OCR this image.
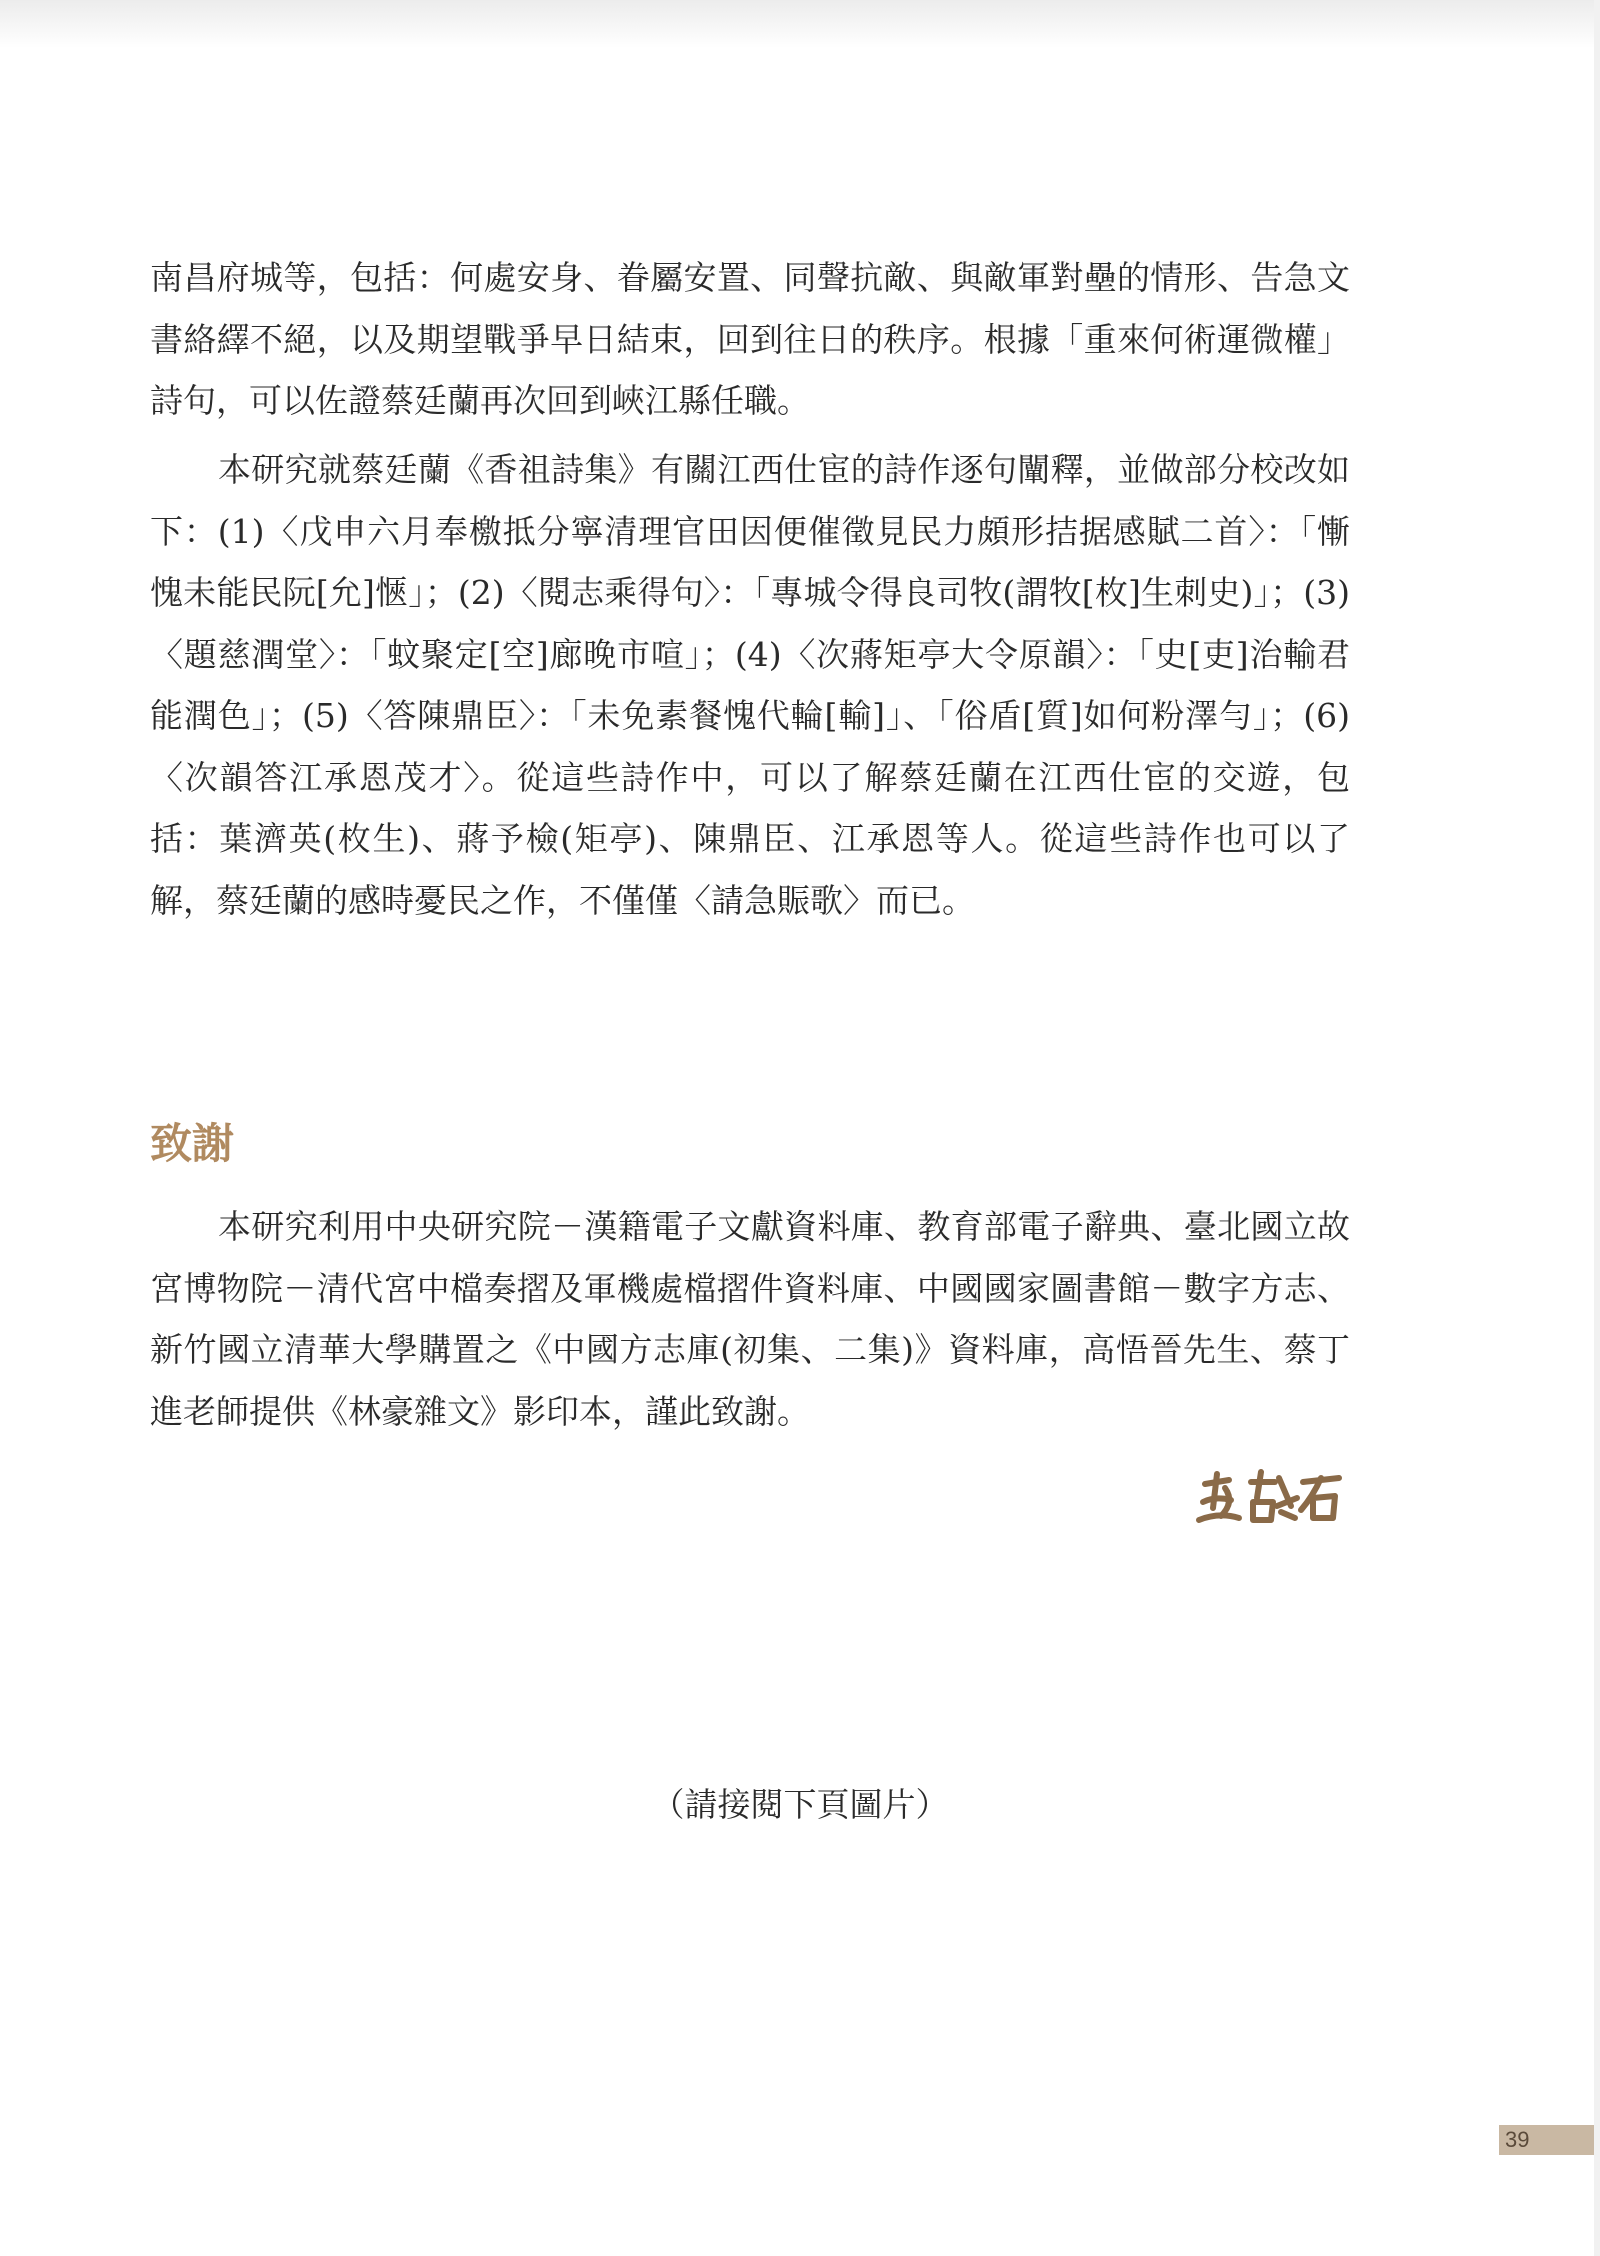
南昌府城等，包括：何處安身、眷屬安置、同聲抗敵、與敵軍對壘的情形、告急文書絡繹不絕，以及期望戰爭早日結束，回到往日的秩序。根據「重來何術運微權」詩句，可以佐證蔡廷蘭再次回到峽江縣任職。

本研究就蔡廷蘭《香祖詩集》有關江西仕宦的詩作逐句闡釋，並做部分校改如下：(1)〈戊申六月奉檄抵分寧清理官田因便催徵見民力頗形拮据感賦二首〉：「慚愧未能民阮[允]愜」；(2)〈閱志乘得句〉：「專城令得良司牧(謂牧[枚]生刺史)」；(3)〈題慈潤堂〉：「蚊聚定[空]廊晚市喧」；(4)〈次蔣矩亭大令原韻〉：「史[吏]治輸君能潤色」；(5)〈答陳鼎臣〉：「未免素餐愧代輪[輸]」、「俗盾[質]如何粉澤勻」；(6)〈次韻答江承恩茂才〉。從這些詩作中，可以了解蔡廷蘭在江西仕宦的交遊，包括：葉濟英(枚生)、蔣予檢(矩亭)、陳鼎臣、江承恩等人。從這些詩作也可以了解，蔡廷蘭的感時憂民之作，不僅僅〈請急賑歌〉而已。

致謝

本研究利用中央研究院－漢籍電子文獻資料庫、教育部電子辭典、臺北國立故宮博物院－清代宮中檔奏摺及軍機處檔摺件資料庫、中國國家圖書館－數字方志、新竹國立清華大學購置之《中國方志庫(初集、二集)》資料庫，高悟晉先生、蔡丁進老師提供《林豪雜文》影印本，謹此致謝。

（請接閱下頁圖片）

39
